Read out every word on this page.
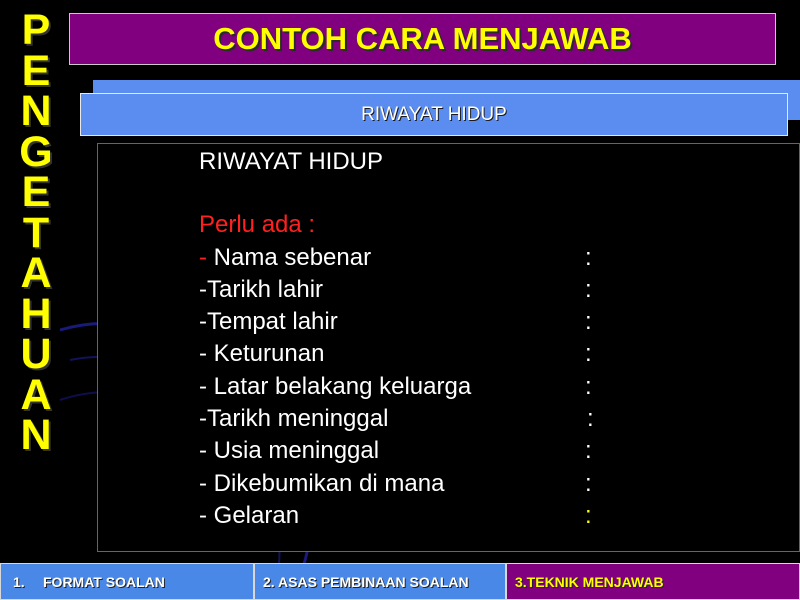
P
E
N
G
E
T
A
H
U
A
N
CONTOH CARA MENJAWAB
RIWAYAT HIDUP
RIWAYAT HIDUP
Perlu ada :
- Nama sebenar	:
-Tarikh lahir	:
-Tempat lahir	:
- Keturunan	:
- Latar belakang keluarga	:
-Tarikh meninggal	:
- Usia meninggal	:
- Dikebumikan di mana	:
- Gelaran	:
1.	FORMAT SOALAN	2. ASAS PEMBINAAN SOALAN	3.TEKNIK MENJAWAB
